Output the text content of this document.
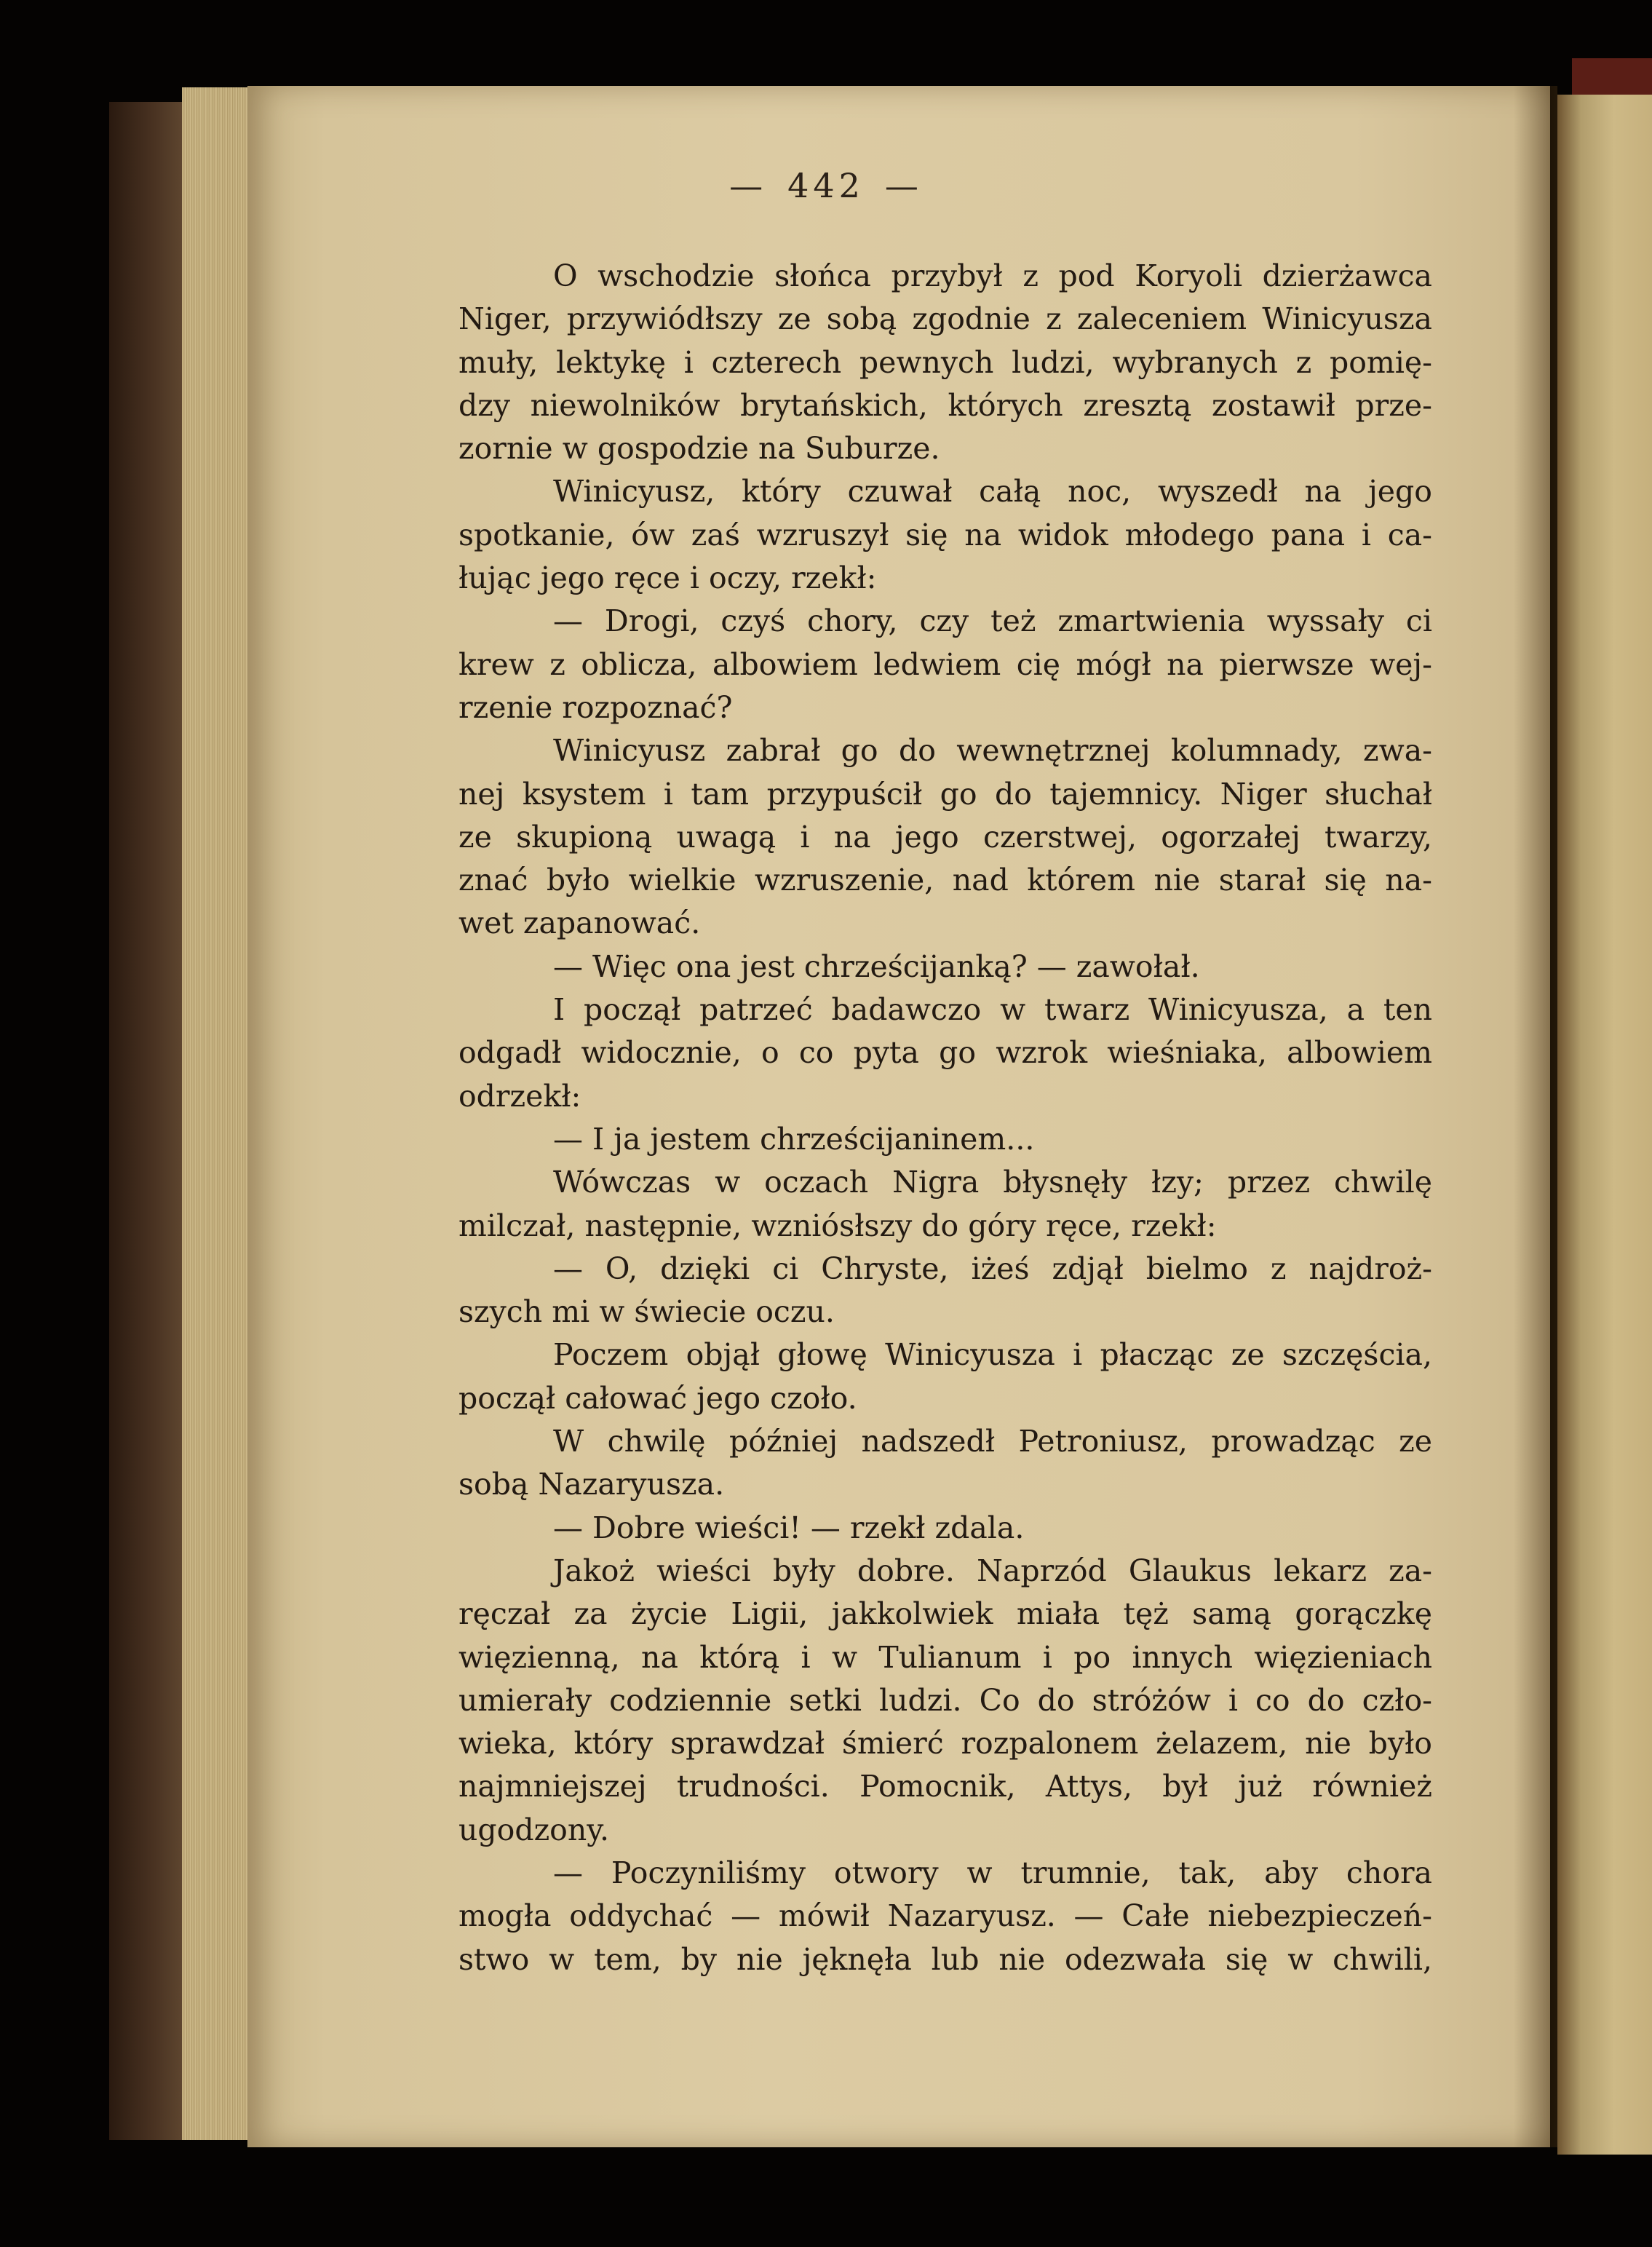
— 442 —
O wschodzie słońca przybył z pod Koryoli dzierżawca
Niger, przywiódłszy ze sobą zgodnie z zaleceniem Winicyusza
muły, lektykę i czterech pewnych ludzi, wybranych z pomię-
dzy niewolników brytańskich, których zresztą zostawił prze-
zornie w gospodzie na Suburze.
Winicyusz, który czuwał całą noc, wyszedł na jego
spotkanie, ów zaś wzruszył się na widok młodego pana i ca-
łując jego ręce i oczy, rzekł:
— Drogi, czyś chory, czy też zmartwienia wyssały ci
krew z oblicza, albowiem ledwiem cię mógł na pierwsze wej-
rzenie rozpoznać?
Winicyusz zabrał go do wewnętrznej kolumnady, zwa-
nej ksystem i tam przypuścił go do tajemnicy. Niger słuchał
ze skupioną uwagą i na jego czerstwej, ogorzałej twarzy,
znać było wielkie wzruszenie, nad którem nie starał się na-
wet zapanować.
— Więc ona jest chrześcijanką? — zawołał.
I począł patrzeć badawczo w twarz Winicyusza, a ten
odgadł widocznie, o co pyta go wzrok wieśniaka, albowiem
odrzekł:
— I ja jestem chrześcijaninem...
Wówczas w oczach Nigra błysnęły łzy; przez chwilę
milczał, następnie, wzniósłszy do góry ręce, rzekł:
— O, dzięki ci Chryste, iżeś zdjął bielmo z najdroż-
szych mi w świecie oczu.
Poczem objął głowę Winicyusza i płacząc ze szczęścia,
począł całować jego czoło.
W chwilę później nadszedł Petroniusz, prowadząc ze
sobą Nazaryusza.
— Dobre wieści! — rzekł zdala.
Jakoż wieści były dobre. Naprzód Glaukus lekarz za-
ręczał za życie Ligii, jakkolwiek miała tęż samą gorączkę
więzienną, na którą i w Tulianum i po innych więzieniach
umierały codziennie setki ludzi. Co do stróżów i co do czło-
wieka, który sprawdzał śmierć rozpalonem żelazem, nie było
najmniejszej trudności. Pomocnik, Attys, był już również
ugodzony.
— Poczyniliśmy otwory w trumnie, tak, aby chora
mogła oddychać — mówił Nazaryusz. — Całe niebezpieczeń-
stwo w tem, by nie jęknęła lub nie odezwała się w chwili,
